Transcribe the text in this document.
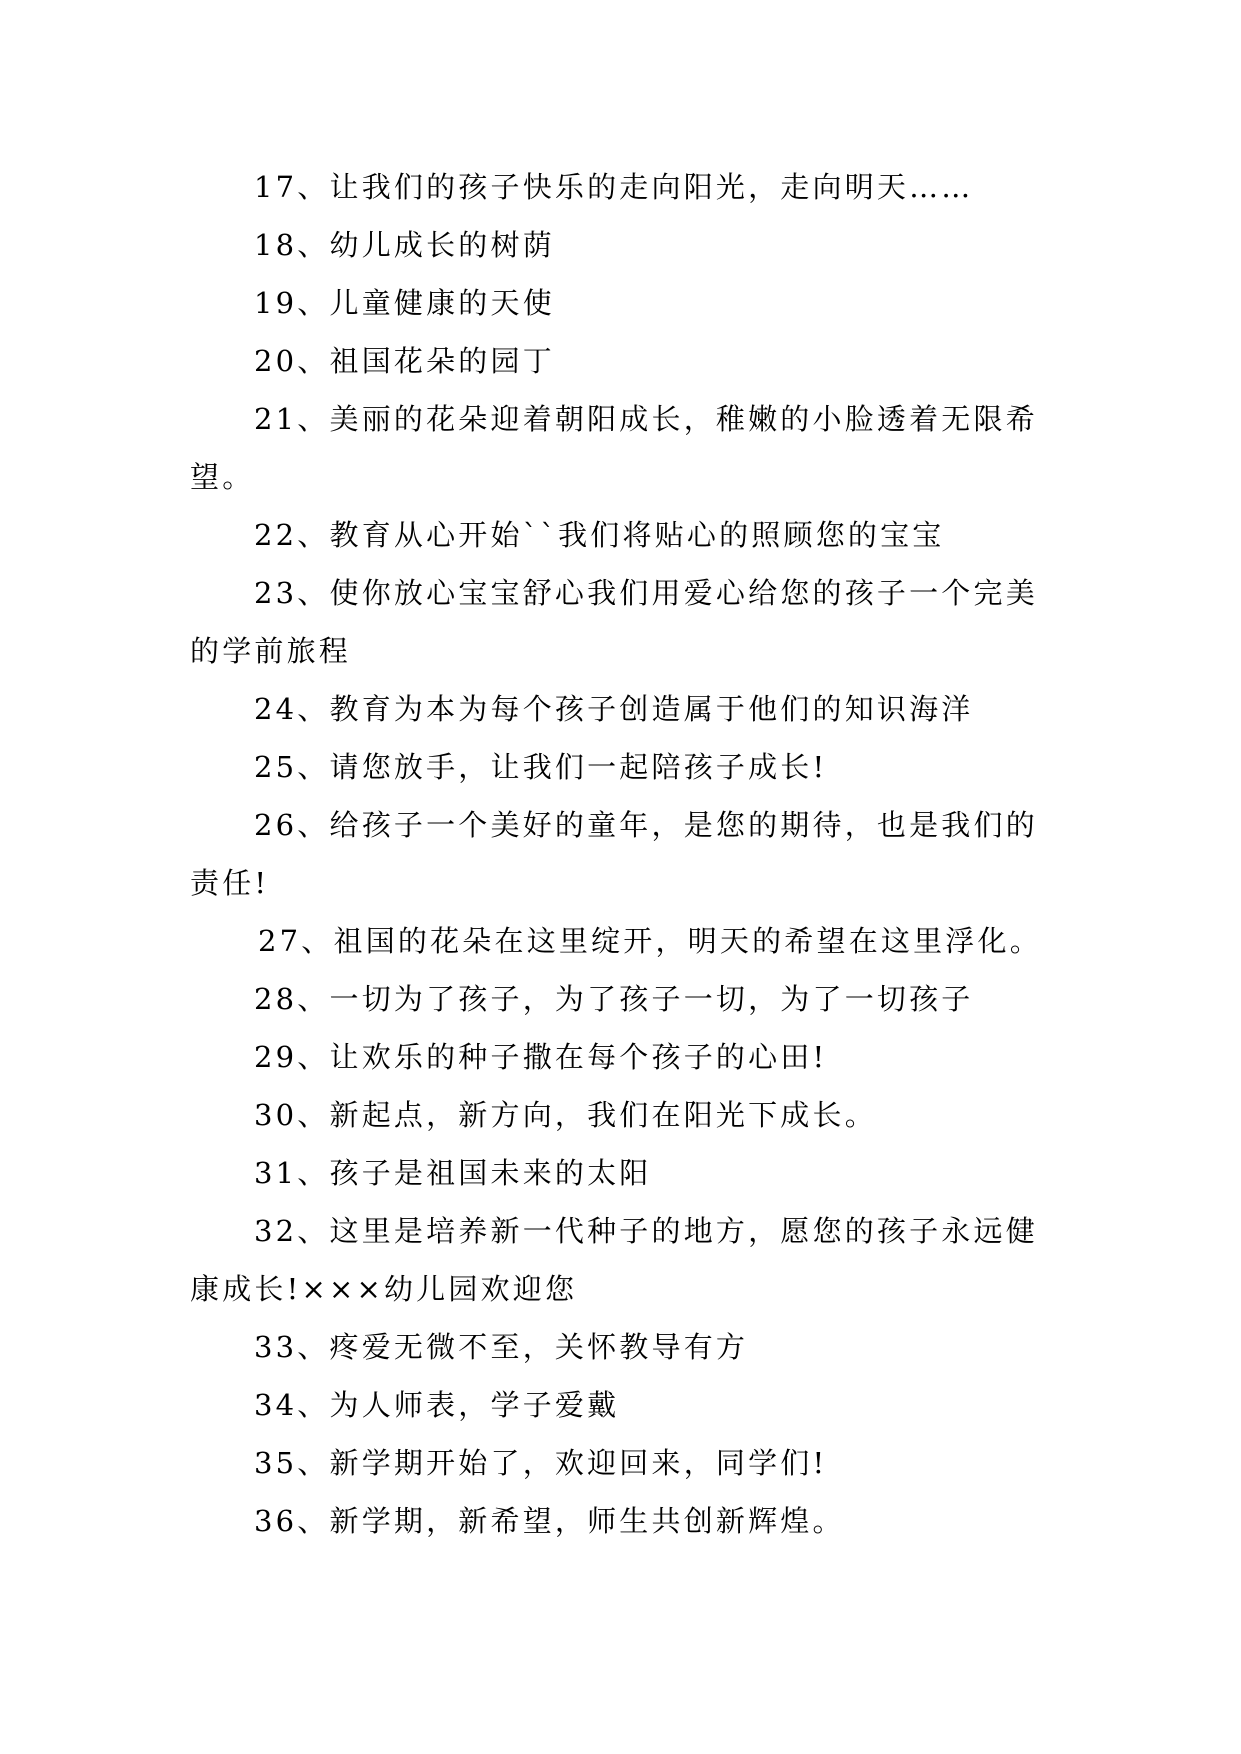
17、让我们的孩子快乐的走向阳光，走向明天……

18、幼儿成长的树荫

19、儿童健康的天使

20、祖国花朵的园丁

21、美丽的花朵迎着朝阳成长，稚嫩的小脸透着无限希望。

22、教育从心开始``我们将贴心的照顾您的宝宝

23、使你放心宝宝舒心我们用爱心给您的孩子一个完美的学前旅程

24、教育为本为每个孩子创造属于他们的知识海洋

25、请您放手，让我们一起陪孩子成长!

26、给孩子一个美好的童年，是您的期待，也是我们的责任!

27、祖国的花朵在这里绽开，明天的希望在这里浮化。

28、一切为了孩子，为了孩子一切，为了一切孩子

29、让欢乐的种子撒在每个孩子的心田!

30、新起点，新方向，我们在阳光下成长。

31、孩子是祖国未来的太阳

32、这里是培养新一代种子的地方，愿您的孩子永远健康成长!×××幼儿园欢迎您

33、疼爱无微不至，关怀教导有方

34、为人师表，学子爱戴

35、新学期开始了，欢迎回来，同学们!

36、新学期，新希望，师生共创新辉煌。
